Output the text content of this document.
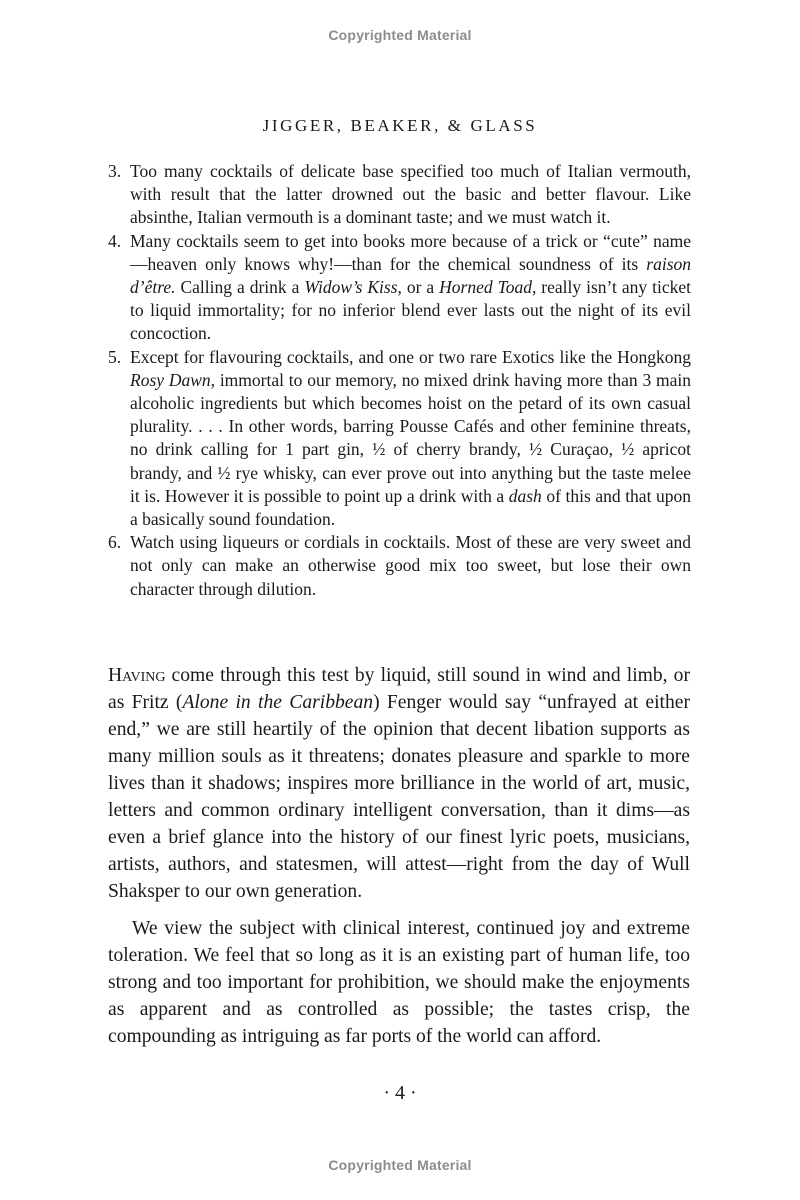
Copyrighted Material
JIGGER, BEAKER, & GLASS
3. Too many cocktails of delicate base specified too much of Italian vermouth, with result that the latter drowned out the basic and better flavour. Like absinthe, Italian vermouth is a dominant taste; and we must watch it.
4. Many cocktails seem to get into books more because of a trick or “cute” name—heaven only knows why!—than for the chemical soundness of its raison d’être. Calling a drink a Widow’s Kiss, or a Horned Toad, really isn’t any ticket to liquid immortality; for no inferior blend ever lasts out the night of its evil concoction.
5. Except for flavouring cocktails, and one or two rare Exotics like the Hongkong Rosy Dawn, immortal to our memory, no mixed drink having more than 3 main alcoholic ingredients but which becomes hoist on the petard of its own casual plurality. . . . In other words, barring Pousse Cafés and other feminine threats, no drink calling for 1 part gin, ½ of cherry brandy, ½ Curaçao, ½ apricot brandy, and ½ rye whisky, can ever prove out into anything but the taste melee it is. However it is possible to point up a drink with a dash of this and that upon a basically sound foundation.
6. Watch using liqueurs or cordials in cocktails. Most of these are very sweet and not only can make an otherwise good mix too sweet, but lose their own character through dilution.

Having come through this test by liquid, still sound in wind and limb, or as Fritz (Alone in the Caribbean) Fenger would say “unfrayed at either end,” we are still heartily of the opinion that decent libation supports as many million souls as it threatens; donates pleasure and sparkle to more lives than it shadows; inspires more brilliance in the world of art, music, letters and common ordinary intelligent conversation, than it dims—as even a brief glance into the history of our finest lyric poets, musicians, artists, authors, and statesmen, will attest—right from the day of Wull Shaksper to our own generation.

We view the subject with clinical interest, continued joy and extreme toleration. We feel that so long as it is an existing part of human life, too strong and too important for prohibition, we should make the enjoyments as apparent and as controlled as possible; the tastes crisp, the compounding as intriguing as far ports of the world can afford.

· 4 ·
Copyrighted Material
